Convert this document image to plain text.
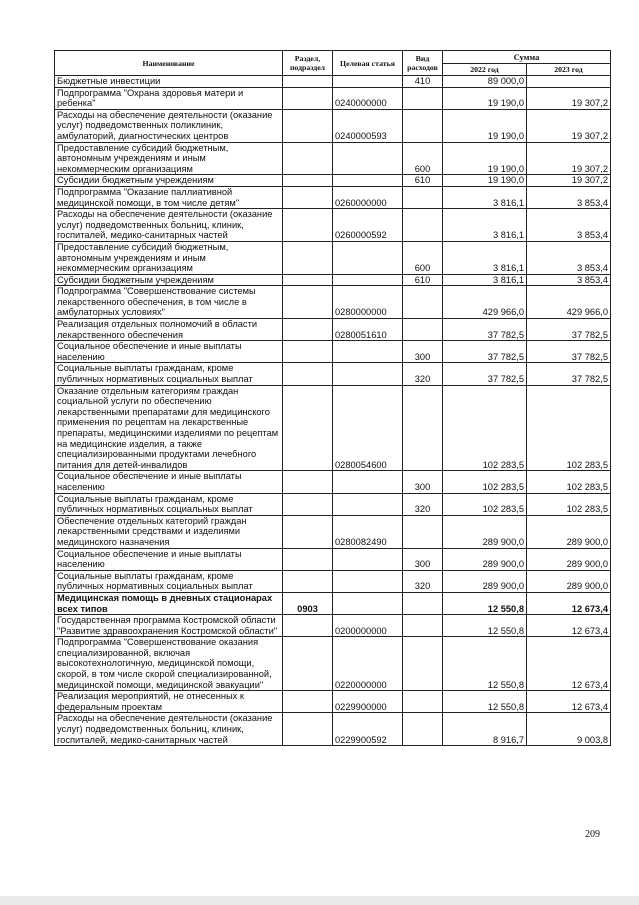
Наименование	Раздел, подраздел	Целевая статья	Вид расходов	Сумма	
				2022 год	2023 год
Бюджетные инвестиции			410	89 000,0	
Подпрограмма "Охрана здоровья матери и ребенка"		0240000000		19 190,0	19 307,2
Расходы на обеспечение деятельности (оказание услуг) подведомственных поликлиник, амбулаторий, диагностических центров		0240000593		19 190,0	19 307,2
Предоставление субсидий бюджетным, автономным учреждениям и иным некоммерческим организациям			600	19 190,0	19 307,2
Субсидии бюджетным учреждениям			610	19 190,0	19 307,2
Подпрограмма "Оказание паллиативной медицинской помощи, в том числе детям"		0260000000		3 816,1	3 853,4
Расходы на обеспечение деятельности (оказание услуг) подведомственных больниц, клиник, госпиталей, медико-санитарных частей		0260000592		3 816,1	3 853,4
Предоставление субсидий бюджетным, автономным учреждениям и иным некоммерческим организациям			600	3 816,1	3 853,4
Субсидии бюджетным учреждениям			610	3 816,1	3 853,4
Подпрограмма "Совершенствование системы лекарственного обеспечения, в том числе в амбулаторных условиях"		0280000000		429 966,0	429 966,0
Реализация отдельных полномочий в области лекарственного обеспечения		0280051610		37 782,5	37 782,5
Социальное обеспечение и иные выплаты населению			300	37 782,5	37 782,5
Социальные выплаты гражданам, кроме публичных нормативных социальных выплат			320	37 782,5	37 782,5
Оказание отдельным категориям граждан социальной услуги по обеспечению лекарственными препаратами для медицинского применения по рецептам на лекарственные препараты, медицинскими изделиями по рецептам на медицинские изделия, а также специализированными продуктами лечебного питания для детей-инвалидов		0280054600		102 283,5	102 283,5
Социальное обеспечение и иные выплаты населению			300	102 283,5	102 283,5
Социальные выплаты гражданам, кроме публичных нормативных социальных выплат			320	102 283,5	102 283,5
Обеспечение отдельных категорий граждан лекарственными средствами и изделиями медицинского назначения		0280082490		289 900,0	289 900,0
Социальное обеспечение и иные выплаты населению			300	289 900,0	289 900,0
Социальные выплаты гражданам, кроме публичных нормативных социальных выплат			320	289 900,0	289 900,0
Медицинская помощь в дневных стационарах всех типов	0903			12 550,8	12 673,4
Государственная программа Костромской области "Развитие здравоохранения Костромской области"		0200000000		12 550,8	12 673,4
Подпрограмма "Совершенствование оказания специализированной, включая высокотехнологичную, медицинской помощи, скорой, в том числе скорой специализированной, медицинской помощи, медицинской эвакуации"		0220000000		12 550,8	12 673,4
Реализация мероприятий, не отнесенных к федеральным проектам		0229900000		12 550,8	12 673,4
Расходы на обеспечение деятельности (оказание услуг) подведомственных больниц, клиник, госпиталей, медико-санитарных частей		0229900592		8 916,7	9 003,8
209
